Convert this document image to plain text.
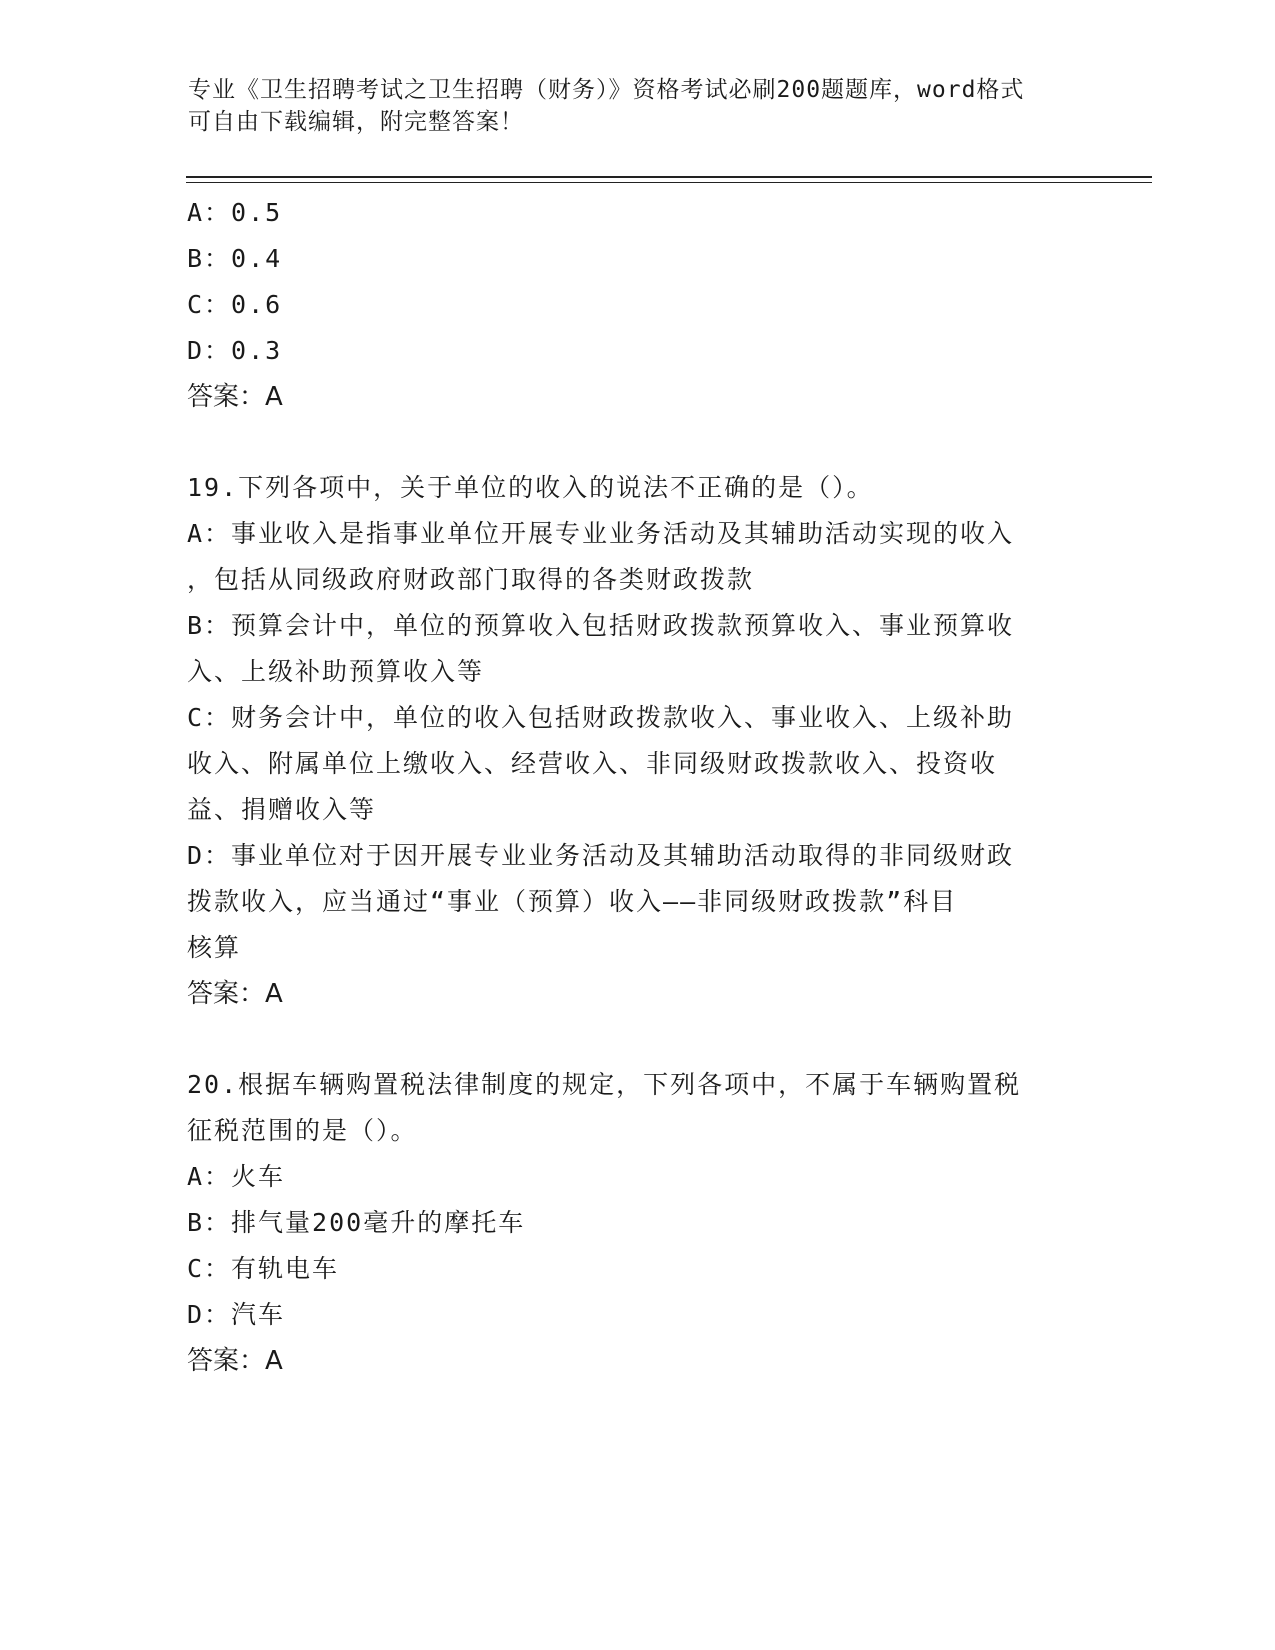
专业《卫生招聘考试之卫生招聘（财务）》资格考试必刷200题题库，word格式
可自由下载编辑，附完整答案！
A：0.5
B：0.4
C：0.6
D：0.3
答案：A
19.下列各项中，关于单位的收入的说法不正确的是（）。
A：事业收入是指事业单位开展专业业务活动及其辅助活动实现的收入
，包括从同级政府财政部门取得的各类财政拨款
B：预算会计中，单位的预算收入包括财政拨款预算收入、事业预算收
入、上级补助预算收入等
C：财务会计中，单位的收入包括财政拨款收入、事业收入、上级补助
收入、附属单位上缴收入、经营收入、非同级财政拨款收入、投资收
益、捐赠收入等
D：事业单位对于因开展专业业务活动及其辅助活动取得的非同级财政
拨款收入，应当通过“事业（预算）收入——非同级财政拨款”科目
核算
答案：A
20.根据车辆购置税法律制度的规定，下列各项中，不属于车辆购置税
征税范围的是（）。
A：火车
B：排气量200毫升的摩托车
C：有轨电车
D：汽车
答案：A
